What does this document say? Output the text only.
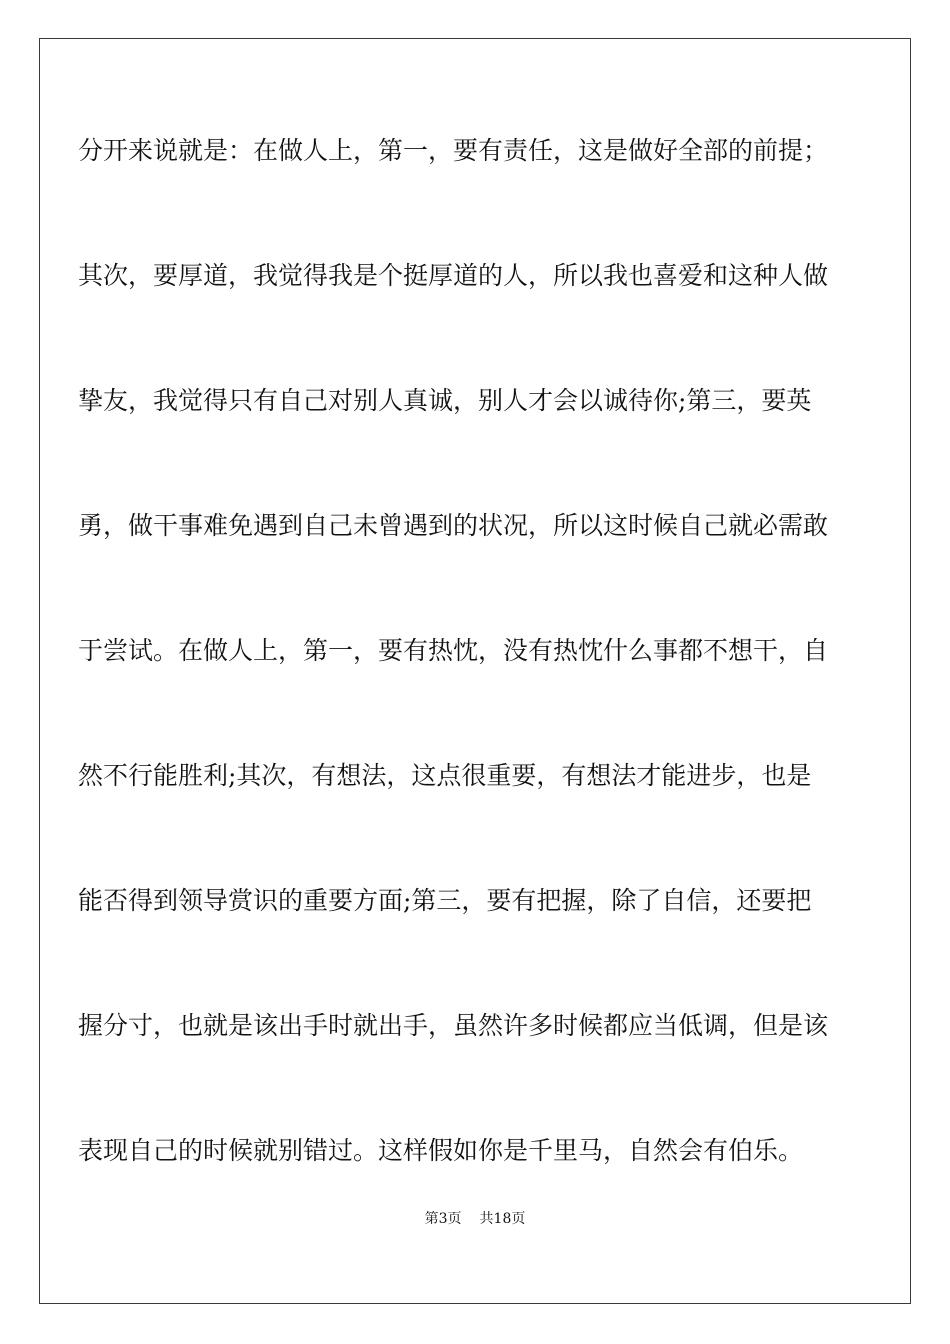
分开来说就是：在做人上，第一，要有责任，这是做好全部的前提；
其次，要厚道，我觉得我是个挺厚道的人，所以我也喜爱和这种人做
挚友，我觉得只有自己对别人真诚，别人才会以诚待你;第三，要英
勇，做干事难免遇到自己未曾遇到的状况，所以这时候自己就必需敢
于尝试。在做人上，第一，要有热忱，没有热忱什么事都不想干，自
然不行能胜利;其次，有想法，这点很重要，有想法才能进步，也是
能否得到领导赏识的重要方面;第三，要有把握，除了自信，还要把
握分寸，也就是该出手时就出手，虽然许多时候都应当低调，但是该
表现自己的时候就别错过。这样假如你是千里马，自然会有伯乐。
第3页 共18页
